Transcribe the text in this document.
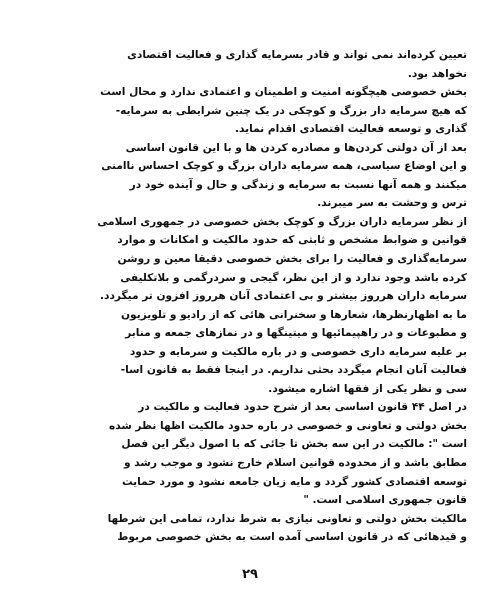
تعیین کرده‌اند نمی تواند و قادر بسرمایه گذاری و فعالیت اقتصادی
نخواهد بود.
بخش خصوصی هیچگونه امنیت و اطمینان و اعتمادی ندارد و محال است
که هیچ سرمایه دار بزرگ و کوچکی در یک چنین شرایطی به سرمایه-
گذاری و توسعه فعالیت اقتصادی اقدام نماید.
بعد از آن دولتی کردن‌ها و مصادره کردن ها و با این قانون اساسی
و این اوضاع سیاسی، همه سرمایه داران بزرگ و کوچک احساس ناامنی
میکنند و همه آنها نسبت به سرمایه و زندگی و حال و آینده خود در
ترس و وحشت به سر میبرند.
از نظر سرمایه داران بزرگ و کوچک بخش خصوصی در جمهوری اسلامی
قوانین و ضوابط مشخص و ثابتی که حدود مالکیت و امکانات و موارد
سرمایه‌گذاری و فعالیت را برای بخش خصوصی دقیقا معین و روشن
کرده باشد وجود ندارد و از این نظر، گیجی و سردرگمی و بلاتکلیفی
سرمایه داران هرروز بیشتر و بی اعتمادی آنان هرروز افزون تر میگردد.
ما به اظهارنظرها، شعارها و سخنرانی هائی که از رادیو و تلویزیون
و مطبوعات و در راهپیمائیها و میتینگها و در نمازهای جمعه و منابر
بر علیه سرمایه داری خصوصی و در باره مالکیت و سرمایه و حدود
فعالیت آنان انجام میگردد بحثی نداریم. در اینجا فقط به قانون اسا-
سی و نظر یکی از فقها اشاره میشود.
در اصل ۴۴ قانون اساسی بعد از شرح حدود فعالیت و مالکیت در
بخش دولتی و تعاونی و خصوصی در باره حدود مالکیت اظها نظر شده
است ": مالکیت در این سه بخش تا جائی که با اصول دیگر این فصل
مطابق باشد و از محدوده قوانین اسلام خارج نشود و موجب رشد و
توسعه اقتصادی کشور گردد و مایه زیان جامعه نشود و مورد حمایت
قانون جمهوری اسلامی است. "
مالکیت بخش دولتی و تعاونی نیازی به شرط ندارد، تمامی این شرطها
و قیدهائی که در قانون اساسی آمده است به بخش خصوصی مربوط
۲۹
